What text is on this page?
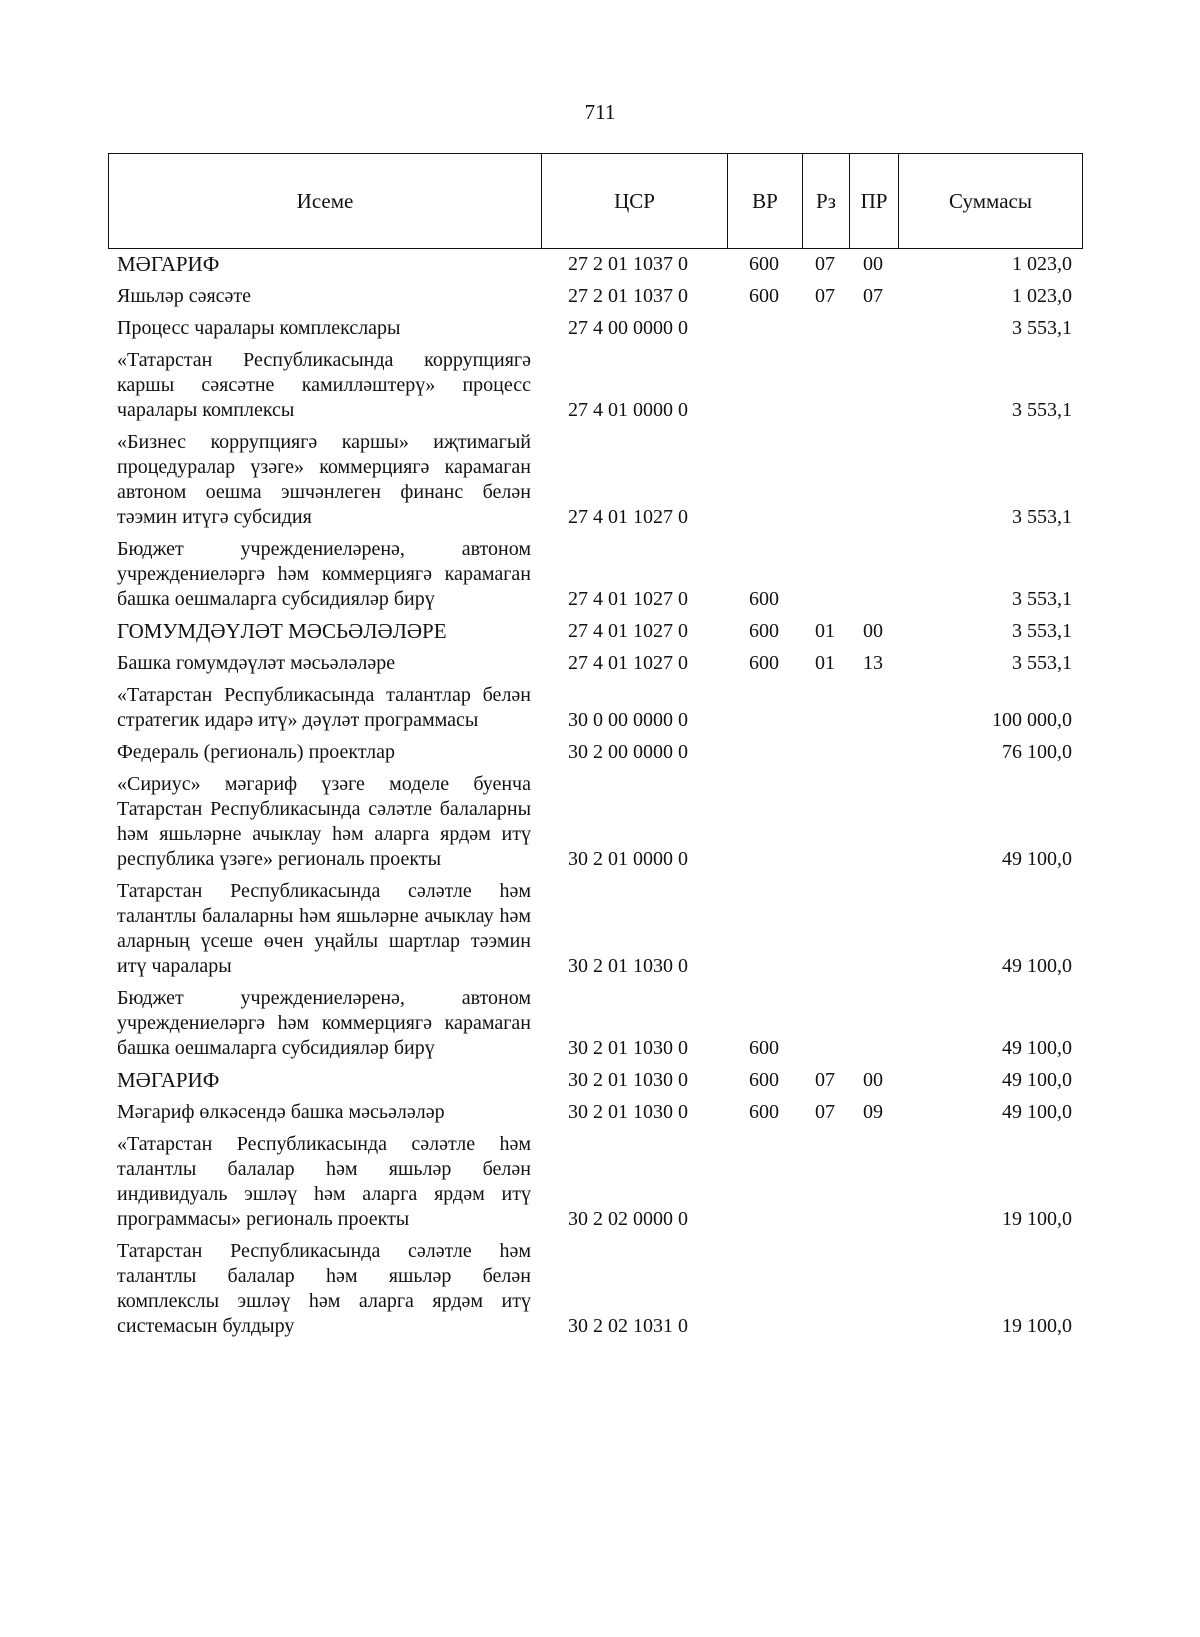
711
Исеме	ЦСР	ВР	Рз	ПР	Суммасы
МӘГАРИФ	27 2 01 1037 0	600	07	00	1 023,0
Яшьләр сәясәте	27 2 01 1037 0	600	07	07	1 023,0
Процесс чаралары комплекслары	27 4 00 0000 0				3 553,1
«Татарстан Республикасында коррупциягә каршы сәясәтне камилләштерү» процесс чаралары комплексы	27 4 01 0000 0				3 553,1
«Бизнес коррупциягә каршы» иҗтимагый процедуралар үзәге» коммерциягә карамаган автоном оешма эшчәнлеген финанс белән тәэмин итүгә субсидия	27 4 01 1027 0				3 553,1
Бюджет учреждениеләренә, автоном учреждениеләргә һәм коммерциягә карамаган башка оешмаларга субсидияләр бирү	27 4 01 1027 0	600			3 553,1
ГОМУМДӘҮЛӘТ МӘСЬӘЛӘЛӘРЕ	27 4 01 1027 0	600	01	00	3 553,1
Башка гомумдәүләт мәсьәләләре	27 4 01 1027 0	600	01	13	3 553,1
«Татарстан Республикасында талантлар белән стратегик идарә итү» дәүләт программасы	30 0 00 0000 0				100 000,0
Федераль (региональ) проектлар	30 2 00 0000 0				76 100,0
«Сириус» мәгариф үзәге моделе буенча Татарстан Республикасында сәләтле балаларны һәм яшьләрне ачыклау һәм аларга ярдәм итү республика үзәге» региональ проекты	30 2 01 0000 0				49 100,0
Татарстан Республикасында сәләтле һәм талантлы балаларны һәм яшьләрне ачыклау һәм аларның үсеше өчен уңайлы шартлар тәэмин итү чаралары	30 2 01 1030 0				49 100,0
Бюджет учреждениеләренә, автоном учреждениеләргә һәм коммерциягә карамаган башка оешмаларга субсидияләр бирү	30 2 01 1030 0	600			49 100,0
МӘГАРИФ	30 2 01 1030 0	600	07	00	49 100,0
Мәгариф өлкәсендә башка мәсьәләләр	30 2 01 1030 0	600	07	09	49 100,0
«Татарстан Республикасында сәләтле һәм талантлы балалар һәм яшьләр белән индивидуаль эшләү һәм аларга ярдәм итү программасы» региональ проекты	30 2 02 0000 0				19 100,0
Татарстан Республикасында сәләтле һәм талантлы балалар һәм яшьләр белән комплекслы эшләү һәм аларга ярдәм итү системасын булдыру	30 2 02 1031 0				19 100,0
